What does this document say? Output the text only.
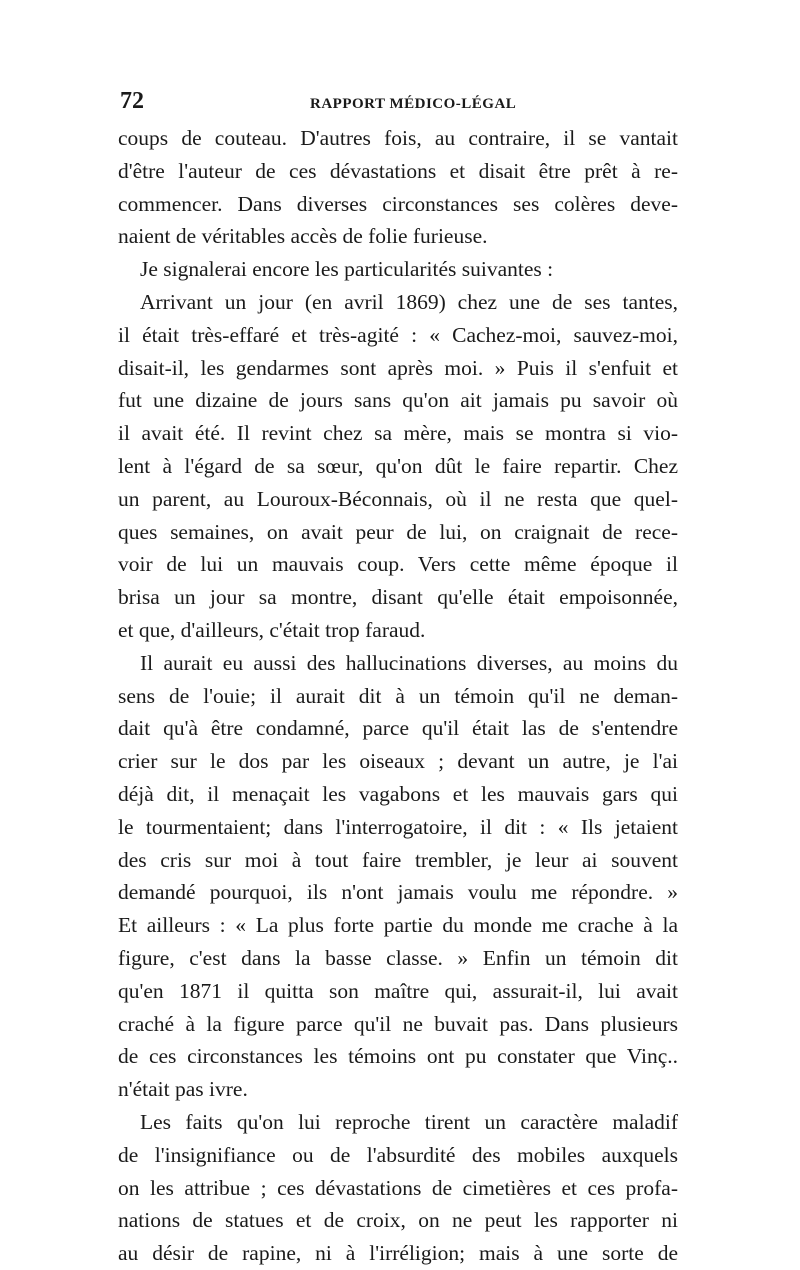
72	RAPPORT MÉDICO-LÉGAL
coups de couteau. D'autres fois, au contraire, il se vantait
d'être l'auteur de ces dévastations et disait être prêt à re-
commencer. Dans diverses circonstances ses colères deve-
naient de véritables accès de folie furieuse.
Je signalerai encore les particularités suivantes :
Arrivant un jour (en avril 1869) chez une de ses tantes,
il était très-effaré et très-agité : « Cachez-moi, sauvez-moi,
disait-il, les gendarmes sont après moi. » Puis il s'enfuit et
fut une dizaine de jours sans qu'on ait jamais pu savoir où
il avait été. Il revint chez sa mère, mais se montra si vio-
lent à l'égard de sa sœur, qu'on dût le faire repartir. Chez
un parent, au Louroux-Béconnais, où il ne resta que quel-
ques semaines, on avait peur de lui, on craignait de rece-
voir de lui un mauvais coup. Vers cette même époque il
brisa un jour sa montre, disant qu'elle était empoisonnée,
et que, d'ailleurs, c'était trop faraud.
Il aurait eu aussi des hallucinations diverses, au moins du
sens de l'ouie; il aurait dit à un témoin qu'il ne deman-
dait qu'à être condamné, parce qu'il était las de s'entendre
crier sur le dos par les oiseaux ; devant un autre, je l'ai
déjà dit, il menaçait les vagabons et les mauvais gars qui
le tourmentaient; dans l'interrogatoire, il dit : « Ils jetaient
des cris sur moi à tout faire trembler, je leur ai souvent
demandé pourquoi, ils n'ont jamais voulu me répondre. »
Et ailleurs : « La plus forte partie du monde me crache à la
figure, c'est dans la basse classe. » Enfin un témoin dit
qu'en 1871 il quitta son maître qui, assurait-il, lui avait
craché à la figure parce qu'il ne buvait pas. Dans plusieurs
de ces circonstances les témoins ont pu constater que Vinç..
n'était pas ivre.
Les faits qu'on lui reproche tirent un caractère maladif
de l'insignifiance ou de l'absurdité des mobiles auxquels
on les attribue ; ces dévastations de cimetières et ces profa-
nations de statues et de croix, on ne peut les rapporter ni
au désir de rapine, ni à l'irréligion; mais à une sorte de
